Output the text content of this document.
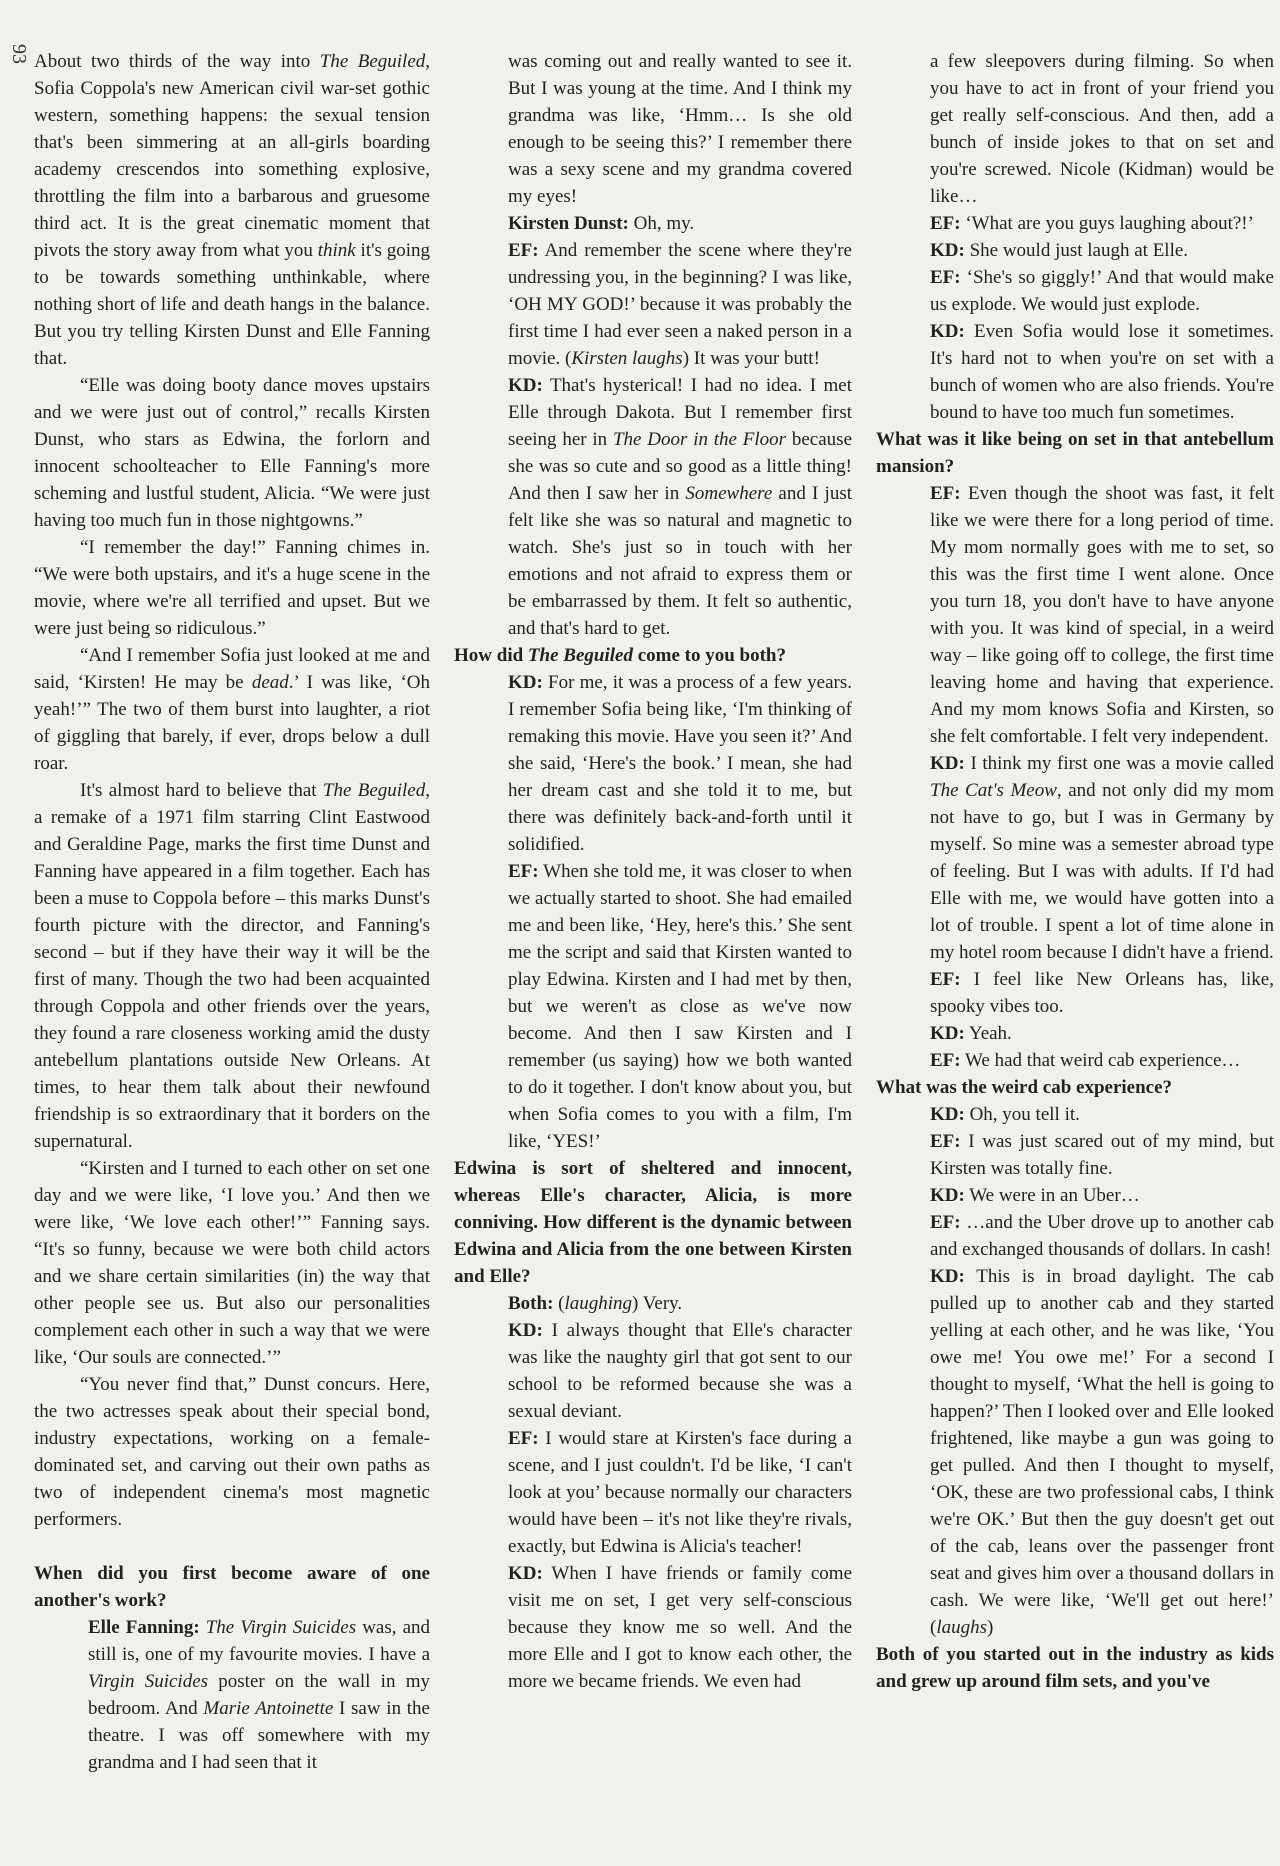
93 About two thirds of the way into The Beguiled, Sofia Coppola's new American civil war-set gothic western, something happens: the sexual tension that's been simmering at an all-girls boarding academy crescendos into something explosive, throttling the film into a barbarous and gruesome third act. It is the great cinematic moment that pivots the story away from what you think it's going to be towards something unthinkable, where nothing short of life and death hangs in the balance. But you try telling Kirsten Dunst and Elle Fanning that.

“Elle was doing booty dance moves upstairs and we were just out of control,” recalls Kirsten Dunst, who stars as Edwina, the forlorn and innocent schoolteacher to Elle Fanning's more scheming and lustful student, Alicia. “We were just having too much fun in those nightgowns.”

“I remember the day!” Fanning chimes in. “We were both upstairs, and it's a huge scene in the movie, where we're all terrified and upset. But we were just being so ridiculous.”

“And I remember Sofia just looked at me and said, ‘Kirsten! He may be dead.’ I was like, ‘Oh yeah!’” The two of them burst into laughter, a riot of giggling that barely, if ever, drops below a dull roar.

It's almost hard to believe that The Beguiled, a remake of a 1971 film starring Clint Eastwood and Geraldine Page, marks the first time Dunst and Fanning have appeared in a film together. Each has been a muse to Coppola before – this marks Dunst's fourth picture with the director, and Fanning's second – but if they have their way it will be the first of many. Though the two had been acquainted through Coppola and other friends over the years, they found a rare closeness working amid the dusty antebellum plantations outside New Orleans. At times, to hear them talk about their newfound friendship is so extraordinary that it borders on the supernatural.

“Kirsten and I turned to each other on set one day and we were like, ‘I love you.’ And then we were like, ‘We love each other!’” Fanning says. “It's so funny, because we were both child actors and we share certain similarities (in) the way that other people see us. But also our personalities complement each other in such a way that we were like, ‘Our souls are connected.’”

“You never find that,” Dunst concurs. Here, the two actresses speak about their special bond, industry expectations, working on a female-dominated set, and carving out their own paths as two of independent cinema's most magnetic performers.

When did you first become aware of one another's work?

Elle Fanning: The Virgin Suicides was, and still is, one of my favourite movies. I have a Virgin Suicides poster on the wall in my bedroom. And Marie Antoinette I saw in the theatre. I was off somewhere with my grandma and I had seen that it

was coming out and really wanted to see it. But I was young at the time. And I think my grandma was like, ‘Hmm… Is she old enough to be seeing this?’ I remember there was a sexy scene and my grandma covered my eyes!

Kirsten Dunst: Oh, my.

EF: And remember the scene where they're undressing you, in the beginning? I was like, ‘OH MY GOD!’ because it was probably the first time I had ever seen a naked person in a movie. (Kirsten laughs) It was your butt!

KD: That's hysterical! I had no idea. I met Elle through Dakota. But I remember first seeing her in The Door in the Floor because she was so cute and so good as a little thing! And then I saw her in Somewhere and I just felt like she was so natural and magnetic to watch. She's just so in touch with her emotions and not afraid to express them or be embarrassed by them. It felt so authentic, and that's hard to get.

How did The Beguiled come to you both?

KD: For me, it was a process of a few years. I remember Sofia being like, ‘I'm thinking of remaking this movie. Have you seen it?’ And she said, ‘Here's the book.’ I mean, she had her dream cast and she told it to me, but there was definitely back-and-forth until it solidified.

EF: When she told me, it was closer to when we actually started to shoot. She had emailed me and been like, ‘Hey, here's this.’ She sent me the script and said that Kirsten wanted to play Edwina. Kirsten and I had met by then, but we weren't as close as we've now become. And then I saw Kirsten and I remember (us saying) how we both wanted to do it together. I don't know about you, but when Sofia comes to you with a film, I'm like, ‘YES!’

Edwina is sort of sheltered and innocent, whereas Elle's character, Alicia, is more conniving. How different is the dynamic between Edwina and Alicia from the one between Kirsten and Elle?

Both: (laughing) Very.

KD: I always thought that Elle's character was like the naughty girl that got sent to our school to be reformed because she was a sexual deviant.

EF: I would stare at Kirsten's face during a scene, and I just couldn't. I'd be like, ‘I can't look at you’ because normally our characters would have been – it's not like they're rivals, exactly, but Edwina is Alicia's teacher!

KD: When I have friends or family come visit me on set, I get very self-conscious because they know me so well. And the more Elle and I got to know each other, the more we became friends. We even had

a few sleepovers during filming. So when you have to act in front of your friend you get really self-conscious. And then, add a bunch of inside jokes to that on set and you're screwed. Nicole (Kidman) would be like…

EF: ‘What are you guys laughing about?!’

KD: She would just laugh at Elle.

EF: ‘She's so giggly!’ And that would make us explode. We would just explode.

KD: Even Sofia would lose it sometimes. It's hard not to when you're on set with a bunch of women who are also friends. You're bound to have too much fun sometimes.

What was it like being on set in that antebellum mansion?

EF: Even though the shoot was fast, it felt like we were there for a long period of time. My mom normally goes with me to set, so this was the first time I went alone. Once you turn 18, you don't have to have anyone with you. It was kind of special, in a weird way – like going off to college, the first time leaving home and having that experience. And my mom knows Sofia and Kirsten, so she felt comfortable. I felt very independent.

KD: I think my first one was a movie called The Cat's Meow, and not only did my mom not have to go, but I was in Germany by myself. So mine was a semester abroad type of feeling. But I was with adults. If I'd had Elle with me, we would have gotten into a lot of trouble. I spent a lot of time alone in my hotel room because I didn't have a friend.

EF: I feel like New Orleans has, like, spooky vibes too.

KD: Yeah.

EF: We had that weird cab experience…

What was the weird cab experience?

KD: Oh, you tell it.

EF: I was just scared out of my mind, but Kirsten was totally fine.

KD: We were in an Uber…

EF: …and the Uber drove up to another cab and exchanged thousands of dollars. In cash!

KD: This is in broad daylight. The cab pulled up to another cab and they started yelling at each other, and he was like, ‘You owe me! You owe me!’ For a second I thought to myself, ‘What the hell is going to happen?’ Then I looked over and Elle looked frightened, like maybe a gun was going to get pulled. And then I thought to myself, ‘OK, these are two professional cabs, I think we're OK.’ But then the guy doesn't get out of the cab, leans over the passenger front seat and gives him over a thousand dollars in cash. We were like, ‘We'll get out here!’ (laughs)

Both of you started out in the industry as kids and grew up around film sets, and you've
